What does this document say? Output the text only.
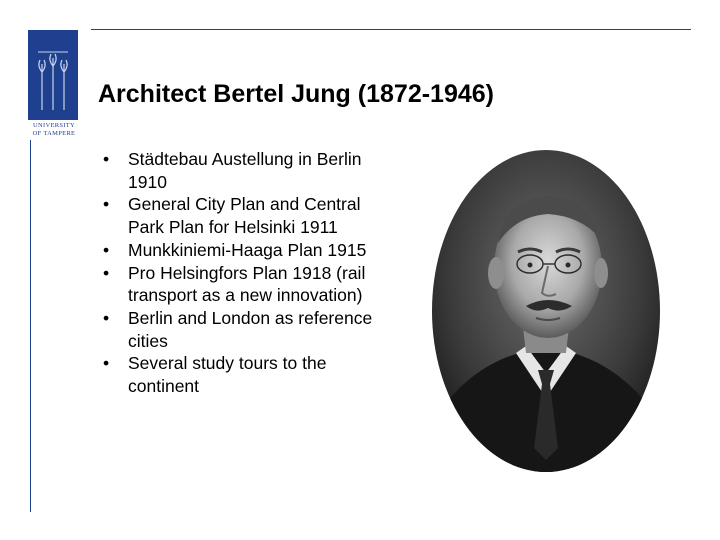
UNIVERSITY
OF TAMPERE
Architect Bertel Jung (1872-1946)
• Städtebau Austellung in Berlin 1910
• General City Plan and Central Park Plan for Helsinki 1911
• Munkkiniemi-Haaga Plan 1915
• Pro Helsingfors Plan 1918 (rail transport as a new innovation)
• Berlin and London as reference cities
• Several study tours to the continent
